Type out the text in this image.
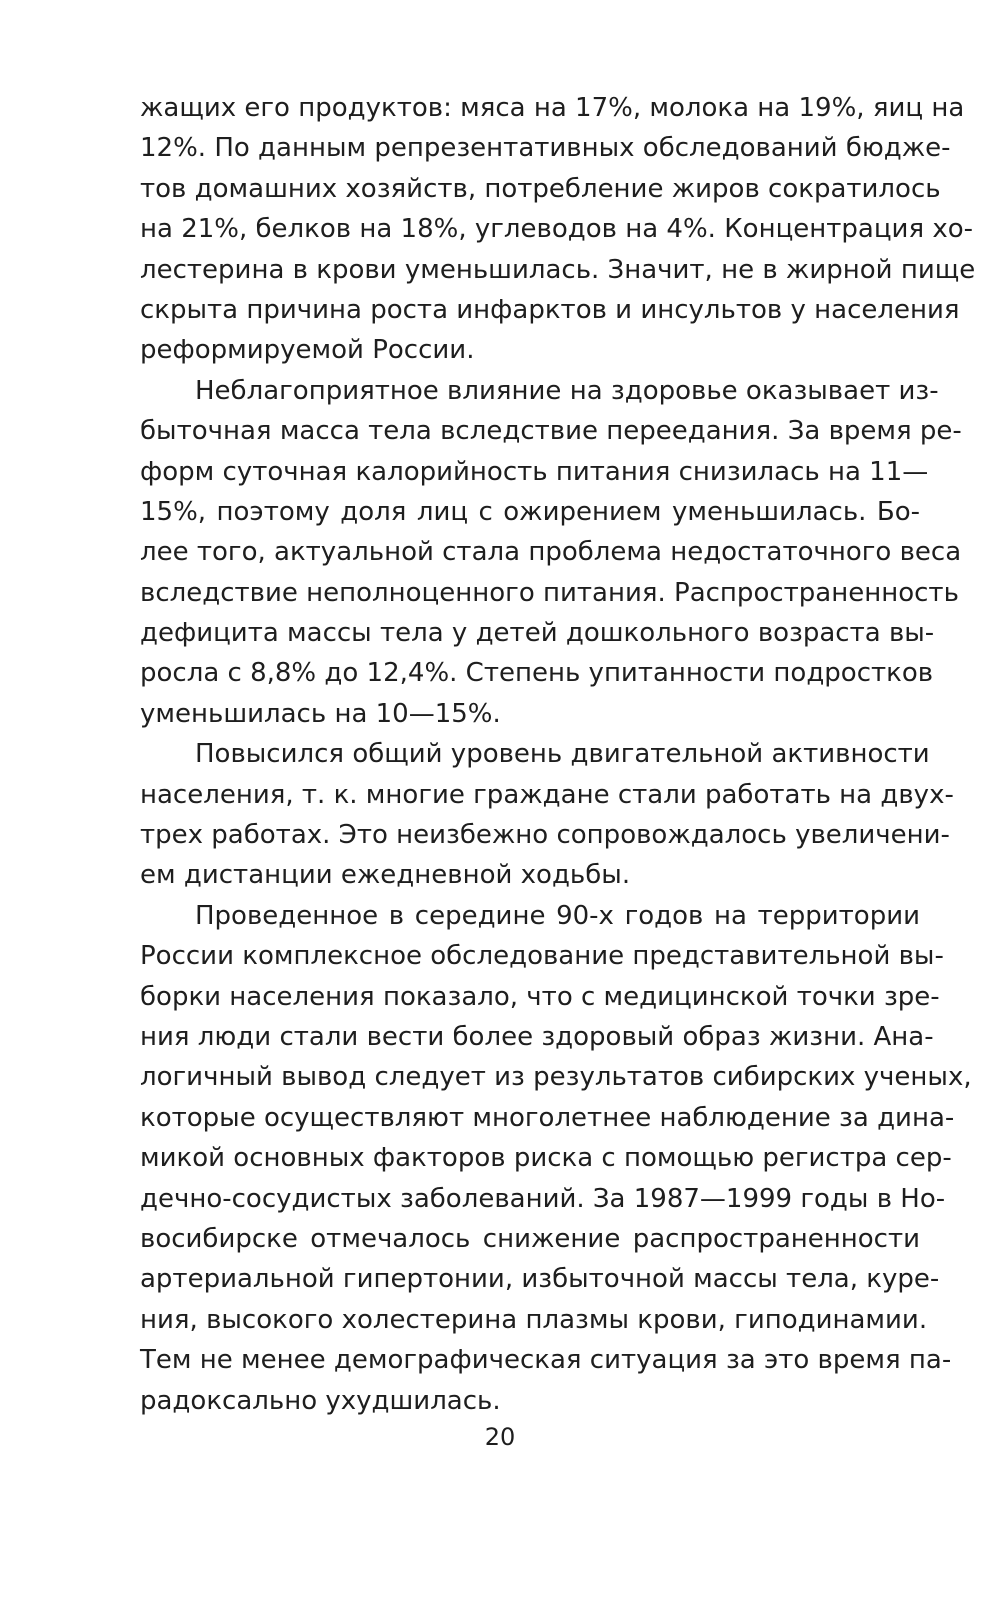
жащих его продуктов: мяса на 17%, молока на 19%, яиц на
12%. По данным репрезентативных обследований бюдже-
тов домашних хозяйств, потребление жиров сократилось
на 21%, белков на 18%, углеводов на 4%. Концентрация хо-
лестерина в крови уменьшилась. Значит, не в жирной пище
скрыта причина роста инфарктов и инсультов у населения
реформируемой России.
Неблагоприятное влияние на здоровье оказывает из-
быточная масса тела вследствие переедания. За время ре-
форм суточная калорийность питания снизилась на 11—
15%, поэтому доля лиц с ожирением уменьшилась. Бо-
лее того, актуальной стала проблема недостаточного веса
вследствие неполноценного питания. Распространенность
дефицита массы тела у детей дошкольного возраста вы-
росла с 8,8% до 12,4%. Степень упитанности подростков
уменьшилась на 10—15%.
Повысился общий уровень двигательной активности
населения, т. к. многие граждане стали работать на двух-
трех работах. Это неизбежно сопровождалось увеличени-
ем дистанции ежедневной ходьбы.
Проведенное в середине 90-х годов на территории
России комплексное обследование представительной вы-
борки населения показало, что с медицинской точки зре-
ния люди стали вести более здоровый образ жизни. Ана-
логичный вывод следует из результатов сибирских ученых,
которые осуществляют многолетнее наблюдение за дина-
микой основных факторов риска с помощью регистра сер-
дечно-сосудистых заболеваний. За 1987—1999 годы в Но-
восибирске отмечалось снижение распространенности
артериальной гипертонии, избыточной массы тела, куре-
ния, высокого холестерина плазмы крови, гиподинамии.
Тем не менее демографическая ситуация за это время па-
радоксально ухудшилась.
20
